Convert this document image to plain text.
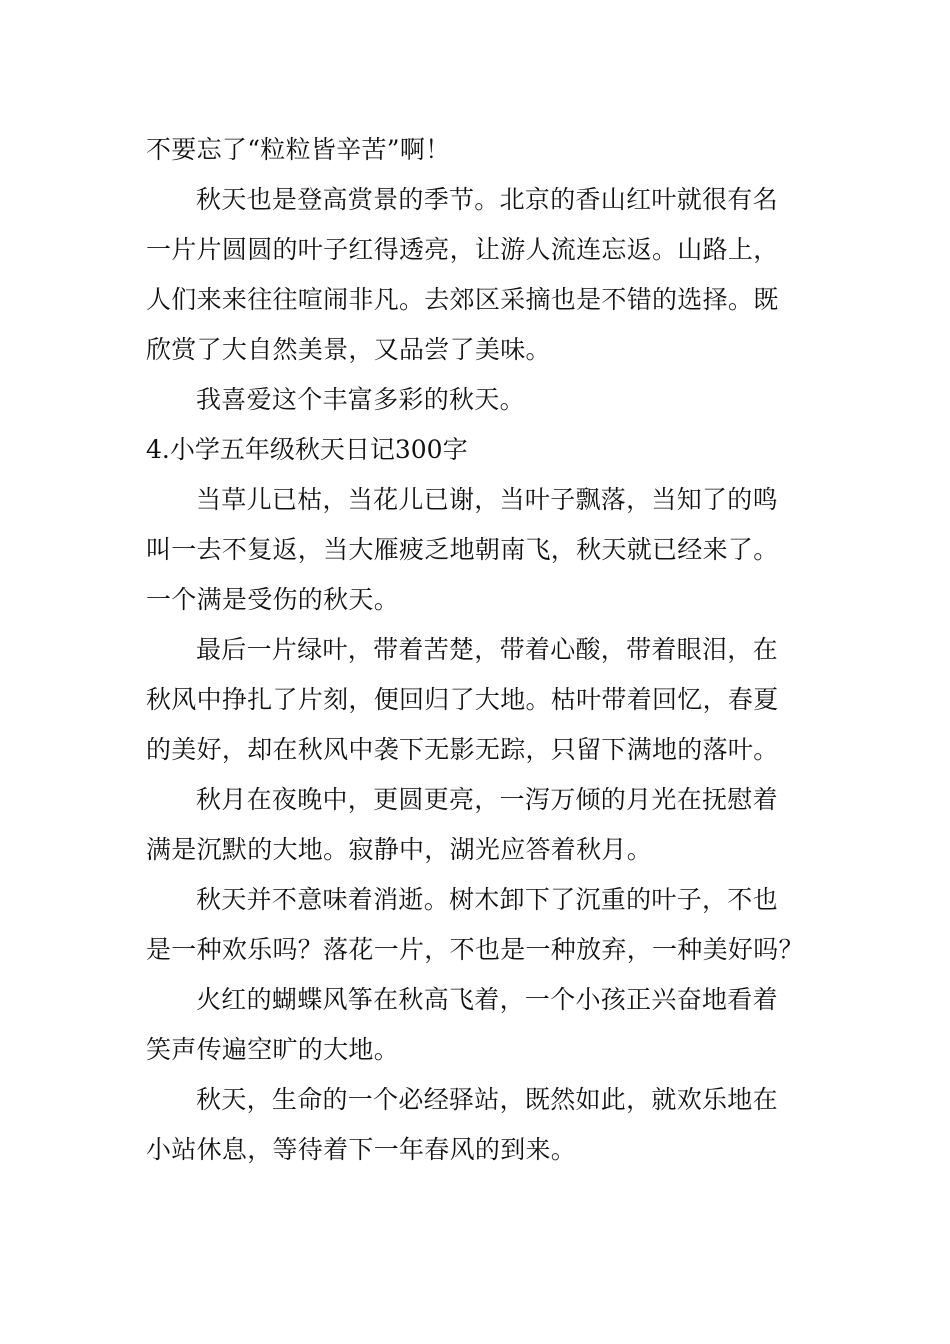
不要忘了“粒粒皆辛苦”啊！
秋天也是登高赏景的季节。北京的香山红叶就很有名
一片片圆圆的叶子红得透亮，让游人流连忘返。山路上，
人们来来往往喧闹非凡。去郊区采摘也是不错的选择。既
欣赏了大自然美景，又品尝了美味。
我喜爱这个丰富多彩的秋天。
4.小学五年级秋天日记300字
当草儿已枯，当花儿已谢，当叶子飘落，当知了的鸣
叫一去不复返，当大雁疲乏地朝南飞，秋天就已经来了。
一个满是受伤的秋天。
最后一片绿叶，带着苦楚，带着心酸，带着眼泪，在
秋风中挣扎了片刻，便回归了大地。枯叶带着回忆，春夏
的美好，却在秋风中袭下无影无踪，只留下满地的落叶。
秋月在夜晚中，更圆更亮，一泻万倾的月光在抚慰着
满是沉默的大地。寂静中，湖光应答着秋月。
秋天并不意味着消逝。树木卸下了沉重的叶子，不也
是一种欢乐吗？落花一片，不也是一种放弃，一种美好吗？
火红的蝴蝶风筝在秋高飞着，一个小孩正兴奋地看着
笑声传遍空旷的大地。
秋天，生命的一个必经驿站，既然如此，就欢乐地在
小站休息，等待着下一年春风的到来。
